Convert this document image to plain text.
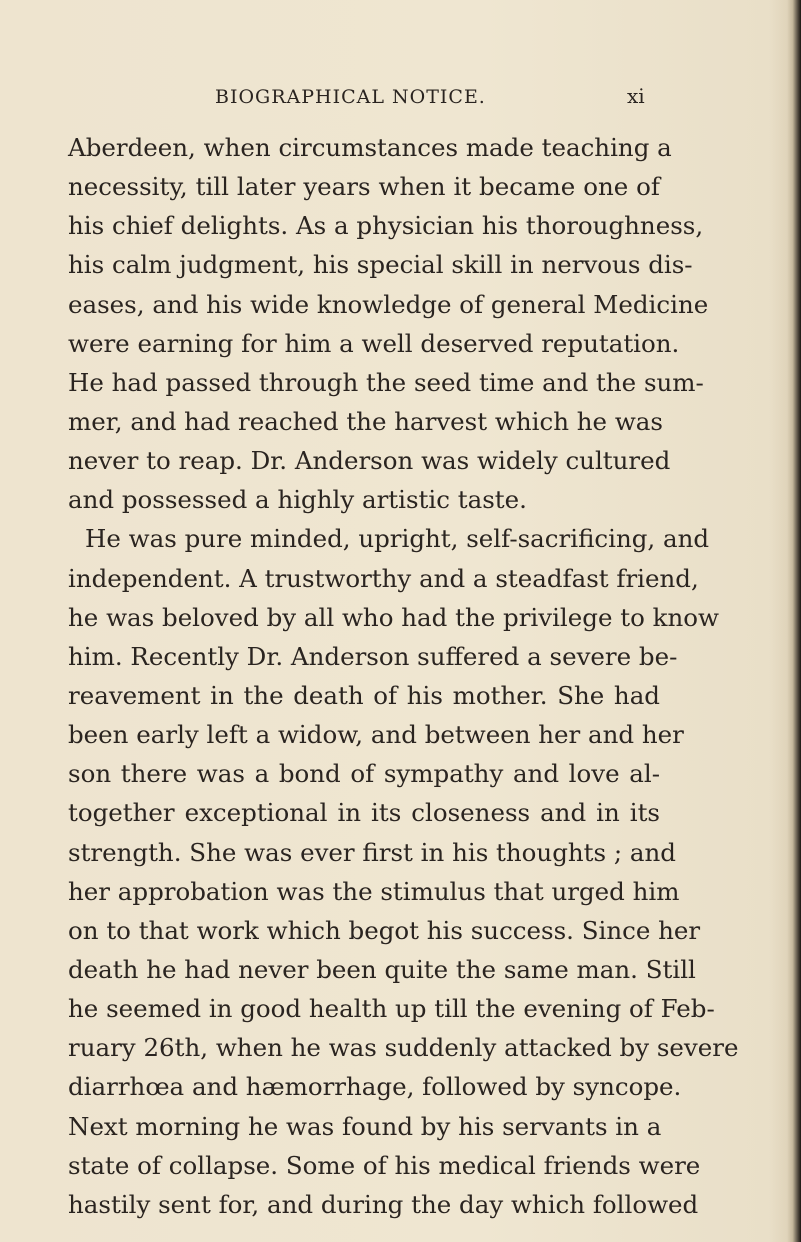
BIOGRAPHICAL NOTICE.	xi
Aberdeen, when circumstances made teaching a
necessity, till later years when it became one of
his chief delights. As a physician his thoroughness,
his calm judgment, his special skill in nervous dis-
eases, and his wide knowledge of general Medicine
were earning for him a well deserved reputation.
He had passed through the seed time and the sum-
mer, and had reached the harvest which he was
never to reap. Dr. Anderson was widely cultured
and possessed a highly artistic taste.
He was pure minded, upright, self-sacrificing, and
independent. A trustworthy and a steadfast friend,
he was beloved by all who had the privilege to know
him. Recently Dr. Anderson suffered a severe be-
reavement in the death of his mother. She had
been early left a widow, and between her and her
son there was a bond of sympathy and love al-
together exceptional in its closeness and in its
strength. She was ever first in his thoughts ; and
her approbation was the stimulus that urged him
on to that work which begot his success. Since her
death he had never been quite the same man. Still
he seemed in good health up till the evening of Feb-
ruary 26th, when he was suddenly attacked by severe
diarrhœa and hæmorrhage, followed by syncope.
Next morning he was found by his servants in a
state of collapse. Some of his medical friends were
hastily sent for, and during the day which followed
